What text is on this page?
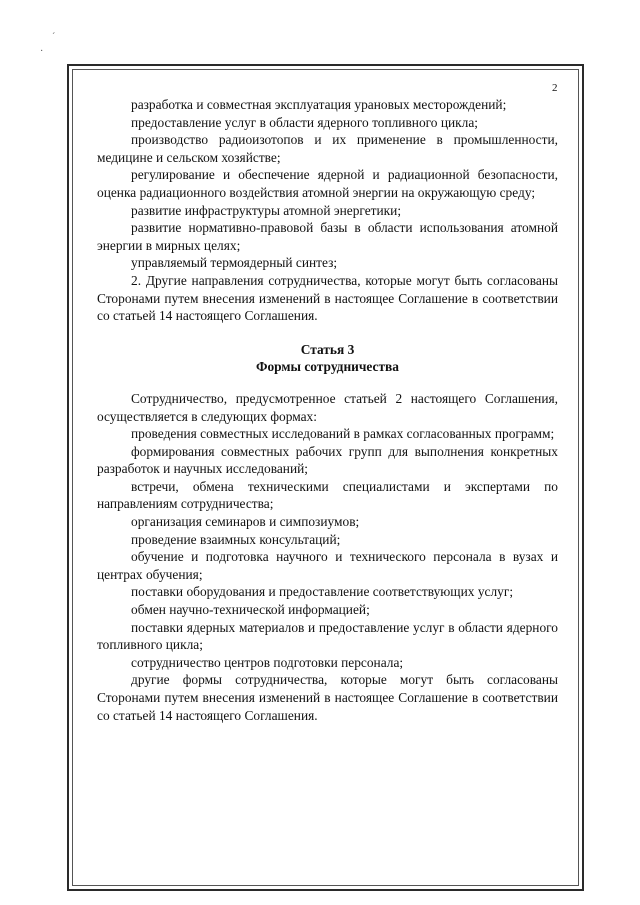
´
·
2

разработка и совместная эксплуатация урановых месторождений;

предоставление услуг в области ядерного топливного цикла;

производство радиоизотопов и их применение в промышленности, медицине и сельском хозяйстве;

регулирование и обеспечение ядерной и радиационной безопасности, оценка радиационного воздействия атомной энергии на окружающую среду;

развитие инфраструктуры атомной энергетики;

развитие нормативно-правовой базы в области использования атомной энергии в мирных целях;

управляемый термоядерный синтез;

2. Другие направления сотрудничества, которые могут быть согласованы Сторонами путем внесения изменений в настоящее Соглашение в соответствии со статьей 14 настоящего Соглашения.

Статья 3

Формы сотрудничества

Сотрудничество, предусмотренное статьей 2 настоящего Соглашения, осуществляется в следующих формах:

проведения совместных исследований в рамках согласованных программ;

формирования совместных рабочих групп для выполнения конкретных разработок и научных исследований;

встречи, обмена техническими специалистами и экспертами по направлениям сотрудничества;

организация семинаров и симпозиумов;

проведение взаимных консультаций;

обучение и подготовка научного и технического персонала в вузах и центрах обучения;

поставки оборудования и предоставление соответствующих услуг;

обмен научно-технической информацией;

поставки ядерных материалов и предоставление услуг в области ядерного топливного цикла;

сотрудничество центров подготовки персонала;

другие формы сотрудничества, которые могут быть согласованы Сторонами путем внесения изменений в настоящее Соглашение в соответствии со статьей 14 настоящего Соглашения.
